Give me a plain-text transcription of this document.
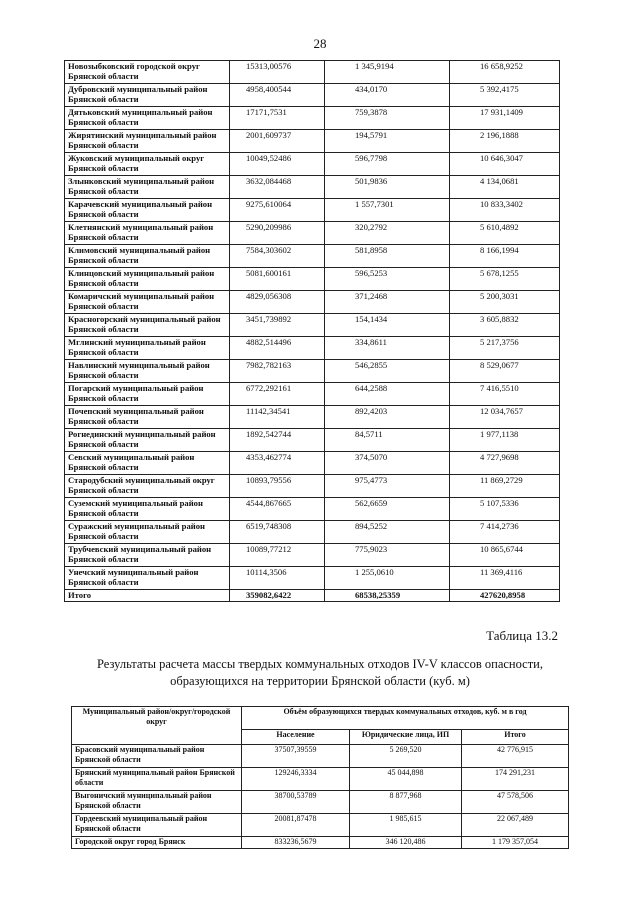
28
Новозыбковский городской округ Брянской области	15313,00576	1 345,9194	16 658,9252
Дубровский муниципальный район Брянской области	4958,400544	434,0170	5 392,4175
Дятьковский муниципальный район Брянской области	17171,7531	759,3878	17 931,1409
Жирятинский муниципальный район Брянской области	2001,609737	194,5791	2 196,1888
Жуковский муниципальный округ Брянской области	10049,52486	596,7798	10 646,3047
Злынковский муниципальный район Брянской области	3632,084468	501,9836	4 134,0681
Карачевский муниципальный район Брянской области	9275,610064	1 557,7301	10 833,3402
Клетнянский муниципальный район Брянской области	5290,209986	320,2792	5 610,4892
Климовский муниципальный район Брянской области	7584,303602	581,8958	8 166,1994
Клинцовский муниципальный район Брянской области	5081,600161	596,5253	5 678,1255
Комаричский муниципальный район Брянской области	4829,056308	371,2468	5 200,3031
Красногорский муниципальный район Брянской области	3451,739892	154,1434	3 605,8832
Мглинский муниципальный район Брянской области	4882,514496	334,8611	5 217,3756
Навлинский муниципальный район Брянской области	7982,782163	546,2855	8 529,0677
Погарский муниципальный район Брянской области	6772,292161	644,2588	7 416,5510
Почепский муниципальный район Брянской области	11142,34541	892,4203	12 034,7657
Рогнединский муниципальный район Брянской области	1892,542744	84,5711	1 977,1138
Севский муниципальный район Брянской области	4353,462774	374,5070	4 727,9698
Стародубский муниципальный округ Брянской области	10893,79556	975,4773	11 869,2729
Суземский муниципальный район Брянской области	4544,867665	562,6659	5 107,5336
Суражский муниципальный район Брянской области	6519,748308	894,5252	7 414,2736
Трубчевский муниципальный район Брянской области	10089,77212	775,9023	10 865,6744
Унечский муниципальный район Брянской области	10114,3506	1 255,0610	11 369,4116
Итого	359082,6422	68538,25359	427620,8958
Таблица 13.2
Результаты расчета массы твердых коммунальных отходов IV-V классов опасности, образующихся на территории Брянской области (куб. м)
Муниципальный район/округ/городской округ	Объём образующихся твердых коммунальных отходов, куб. м в год		
	Население	Юридические лица, ИП	Итого
Брасовский муниципальный район Брянской области	37507,39559	5 269,520	42 776,915
Брянский муниципальный район Брянской области	129246,3334	45 044,898	174 291,231
Выгоничский муниципальный район Брянской области	38700,53789	8 877,968	47 578,506
Гордеевский муниципальный район Брянской области	20081,87478	1 985,615	22 067,489
Городской округ город Брянск	833236,5679	346 120,486	1 179 357,054
